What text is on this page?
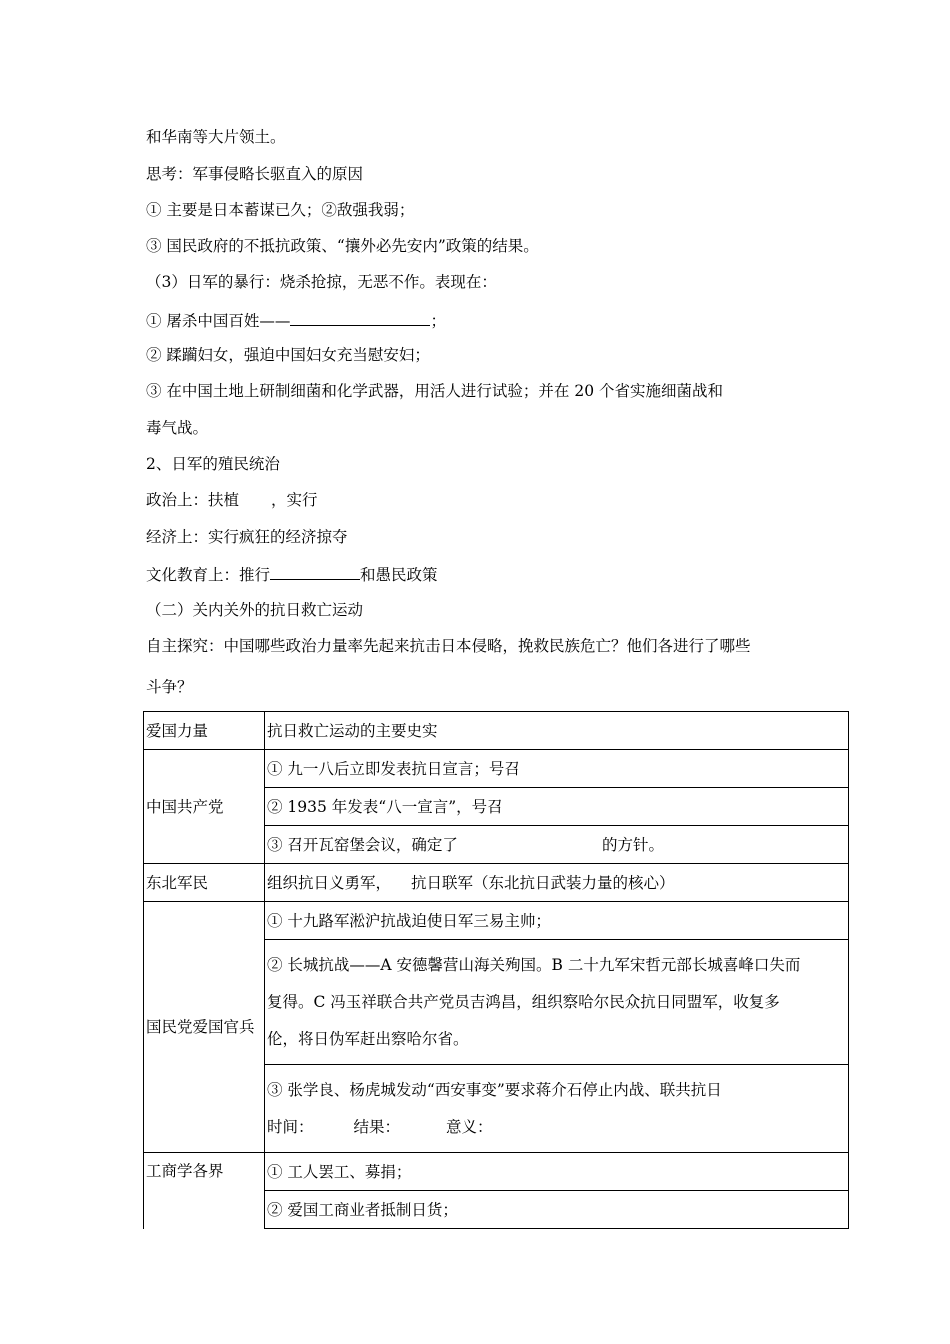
和华南等大片领土。
思考：军事侵略长驱直入的原因
① 主要是日本蓄谋已久；②敌强我弱；
③ 国民政府的不抵抗政策、“攘外必先安内”政策的结果。
（3）日军的暴行：烧杀抢掠，无恶不作。表现在：
① 屠杀中国百姓——	；
② 蹂躏妇女，强迫中国妇女充当慰安妇；
③ 在中国土地上研制细菌和化学武器，用活人进行试验；并在 20 个省实施细菌战和
毒气战。
2、日军的殖民统治
政治上：扶植 ，实行
经济上：实行疯狂的经济掠夺
文化教育上：推行	和愚民政策
（二）关内关外的抗日救亡运动
自主探究：中国哪些政治力量率先起来抗击日本侵略，挽救民族危亡？他们各进行了哪些
斗争？
爱国力量	抗日救亡运动的主要史实
中国共产党	① 九一八后立即发表抗日宣言；号召
	② 1935 年发表“八一宣言”，号召
	③ 召开瓦窑堡会议，确定了 的方针。
东北军民	组织抗日义勇军， 抗日联军（东北抗日武装力量的核心）
国民党爱国官兵	① 十九路军淞沪抗战迫使日军三易主帅；

	② 长城抗战——A 安德馨营山海关殉国。B 二十九军宋哲元部长城喜峰口失而
复得。C 冯玉祥联合共产党员吉鸿昌，组织察哈尔民众抗日同盟军，收复多
伦，将日伪军赶出察哈尔省。

	③ 张学良、杨虎城发动“西安事变”要求蒋介石停止内战、联共抗日
时间： 结果： 意义：

工商学各界	① 工人罢工、募捐；
	② 爱国工商业者抵制日货；
